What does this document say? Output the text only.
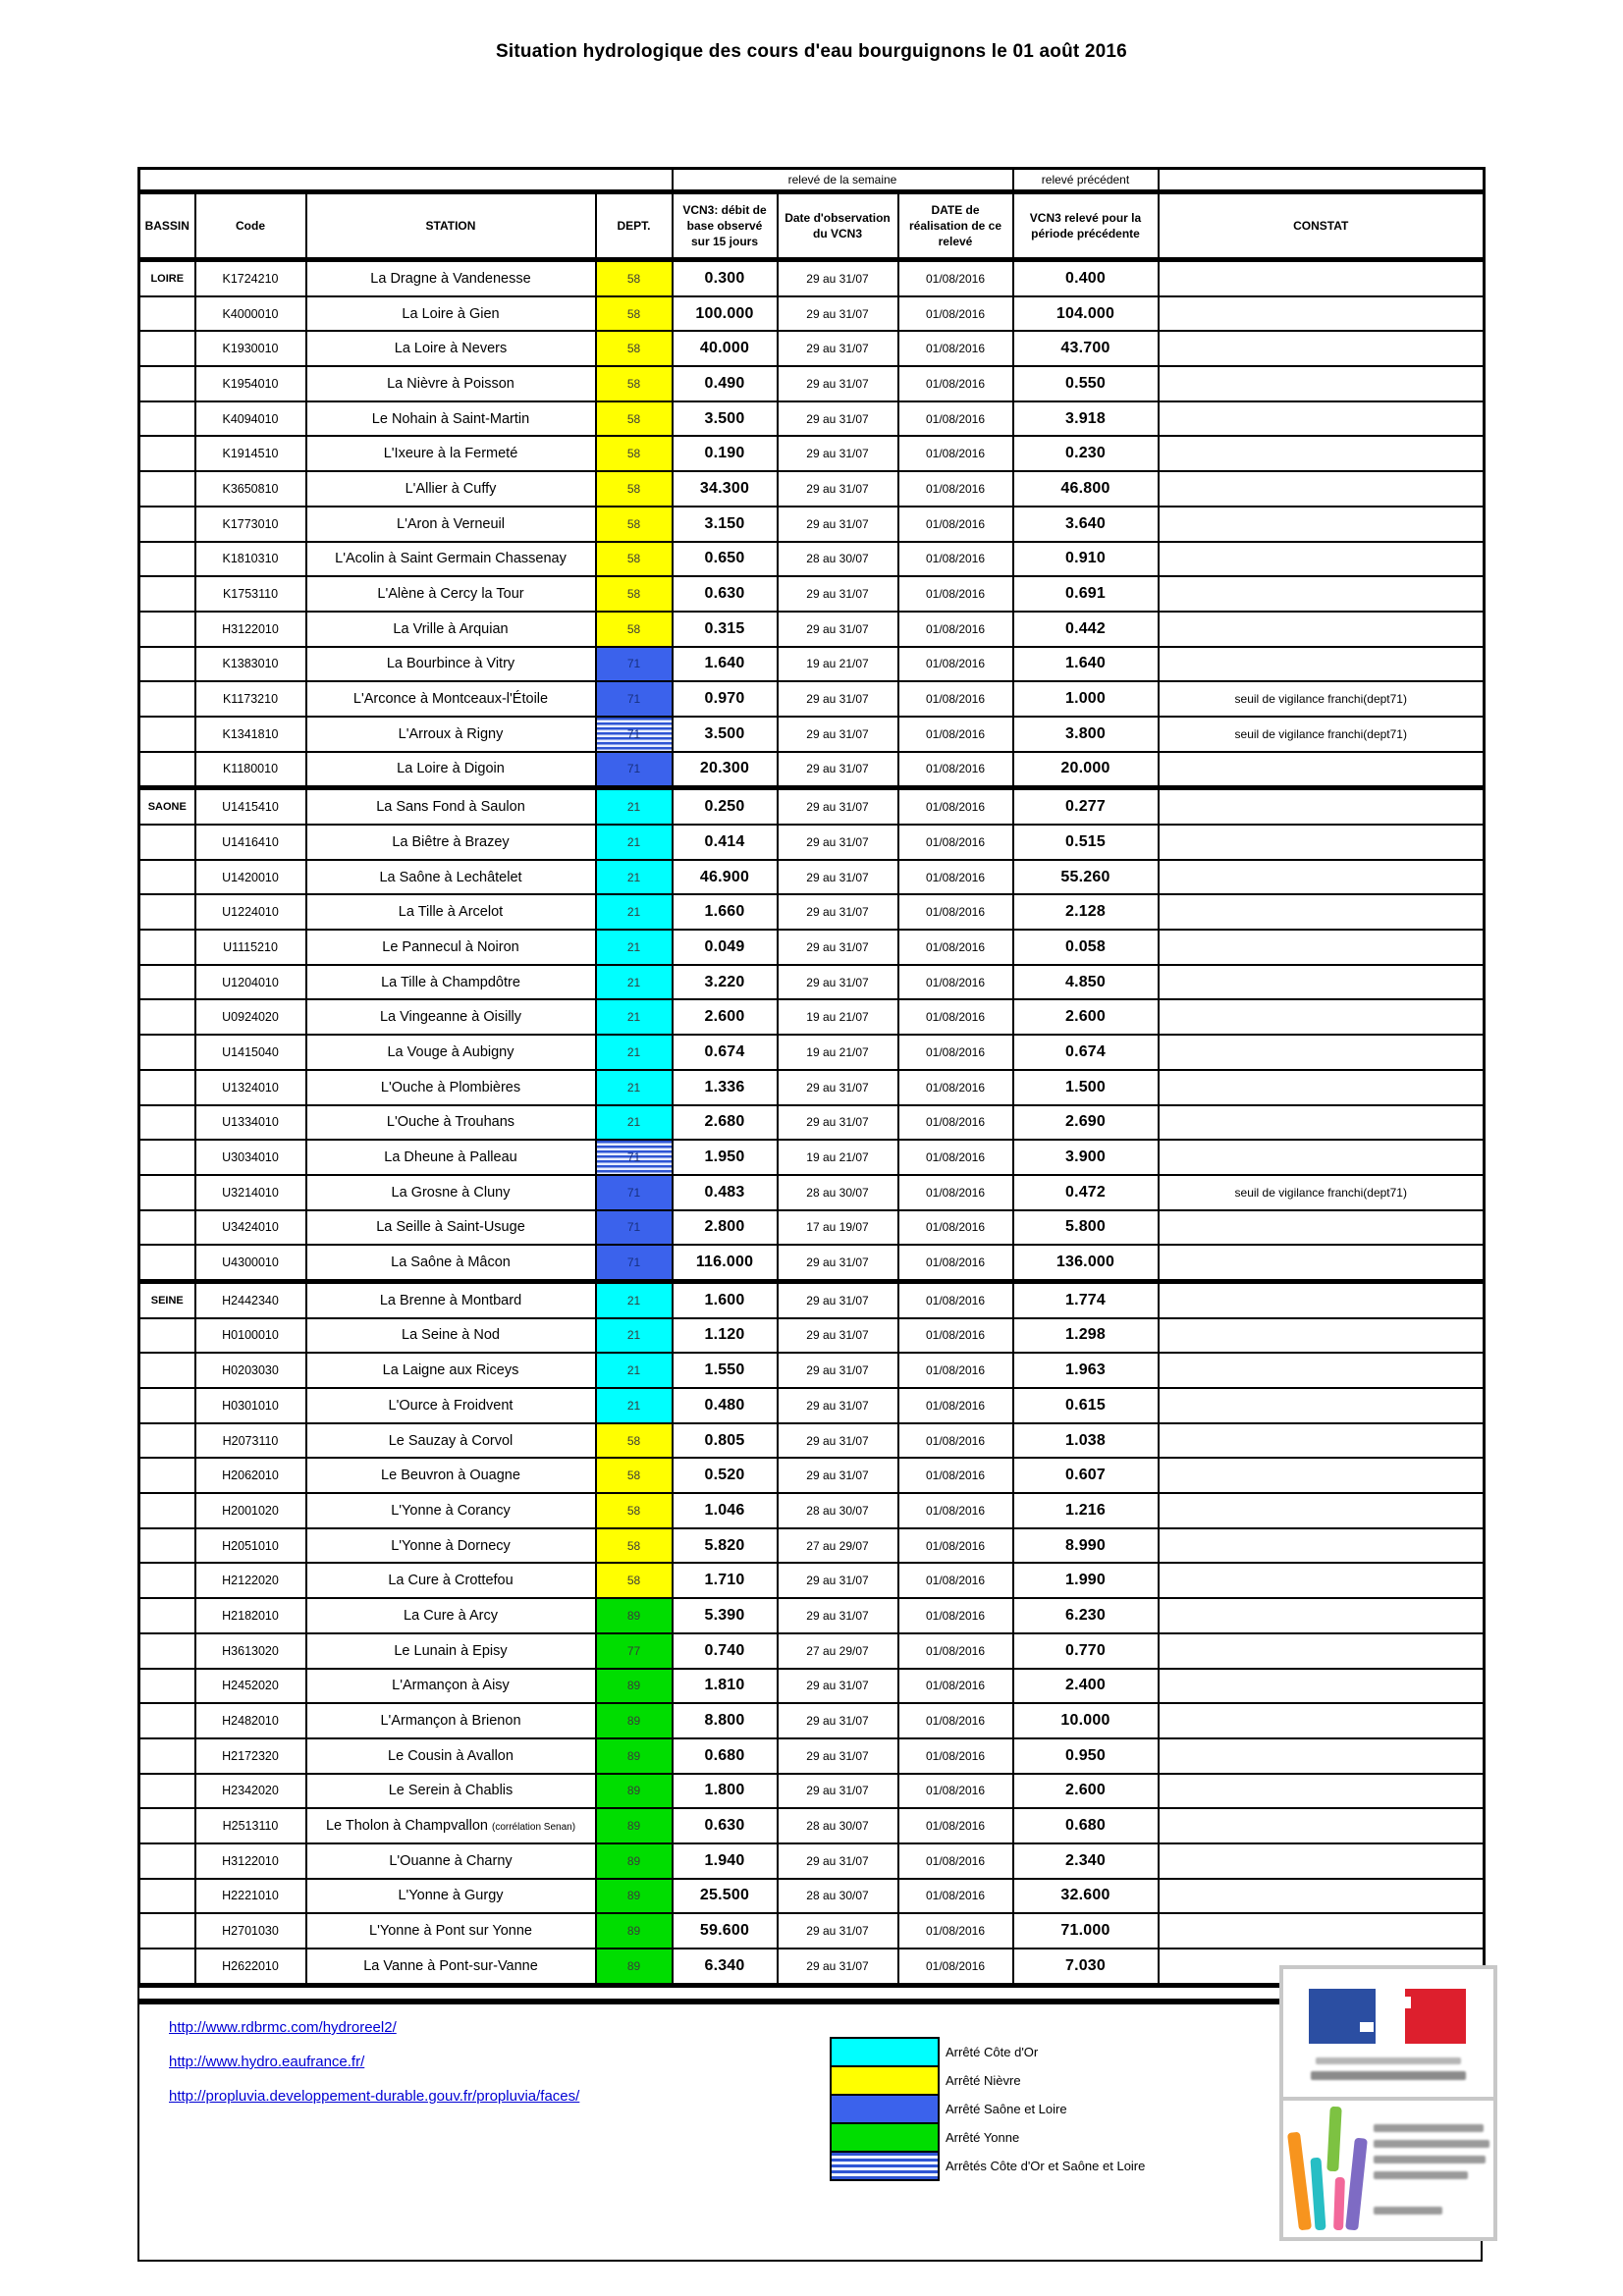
Situation hydrologique des cours d'eau bourguignons le 01 août 2016
				relevé de la semaine			relevé précédent	
BASSIN	Code	STATION	DEPT.	VCN3: débit de base observé sur 15 jours	Date d'observation du VCN3	DATE de réalisation de ce relevé	VCN3 relevé pour la période précédente	CONSTAT
LOIRE	K1724210	La Dragne à Vandenesse	58	0.300	29 au 31/07	01/08/2016	0.400	
	K4000010	La Loire à Gien	58	100.000	29 au 31/07	01/08/2016	104.000	
	K1930010	La Loire à Nevers	58	40.000	29 au 31/07	01/08/2016	43.700	
	K1954010	La Nièvre à Poisson	58	0.490	29 au 31/07	01/08/2016	0.550	
	K4094010	Le Nohain à Saint-Martin	58	3.500	29 au 31/07	01/08/2016	3.918	
	K1914510	L'Ixeure à la Fermeté	58	0.190	29 au 31/07	01/08/2016	0.230	
	K3650810	L'Allier à Cuffy	58	34.300	29 au 31/07	01/08/2016	46.800	
	K1773010	L'Aron à Verneuil	58	3.150	29 au 31/07	01/08/2016	3.640	
	K1810310	L'Acolin à Saint Germain Chassenay	58	0.650	28 au 30/07	01/08/2016	0.910	
	K1753110	L'Alène à Cercy la Tour	58	0.630	29 au 31/07	01/08/2016	0.691	
	H3122010	La Vrille à Arquian	58	0.315	29 au 31/07	01/08/2016	0.442	
	K1383010	La Bourbince à Vitry	71	1.640	19 au 21/07	01/08/2016	1.640	
	K1173210	L'Arconce à Montceaux-l'Étoile	71	0.970	29 au 31/07	01/08/2016	1.000	seuil de vigilance franchi(dept71)
	K1341810	L'Arroux à Rigny	71	3.500	29 au 31/07	01/08/2016	3.800	seuil de vigilance franchi(dept71)
	K1180010	La Loire à Digoin	71	20.300	29 au 31/07	01/08/2016	20.000	
SAONE	U1415410	La Sans Fond à Saulon	21	0.250	29 au 31/07	01/08/2016	0.277	
	U1416410	La Biêtre à Brazey	21	0.414	29 au 31/07	01/08/2016	0.515	
	U1420010	La Saône à Lechâtelet	21	46.900	29 au 31/07	01/08/2016	55.260	
	U1224010	La Tille à Arcelot	21	1.660	29 au 31/07	01/08/2016	2.128	
	U1115210	Le Pannecul à Noiron	21	0.049	29 au 31/07	01/08/2016	0.058	
	U1204010	La Tille à Champdôtre	21	3.220	29 au 31/07	01/08/2016	4.850	
	U0924020	La Vingeanne à Oisilly	21	2.600	19 au 21/07	01/08/2016	2.600	
	U1415040	La Vouge à Aubigny	21	0.674	19 au 21/07	01/08/2016	0.674	
	U1324010	L'Ouche à Plombières	21	1.336	29 au 31/07	01/08/2016	1.500	
	U1334010	L'Ouche à Trouhans	21	2.680	29 au 31/07	01/08/2016	2.690	
	U3034010	La Dheune à Palleau	71	1.950	19 au 21/07	01/08/2016	3.900	
	U3214010	La Grosne à Cluny	71	0.483	28 au 30/07	01/08/2016	0.472	seuil de vigilance franchi(dept71)
	U3424010	La Seille à Saint-Usuge	71	2.800	17 au 19/07	01/08/2016	5.800	
	U4300010	La Saône à Mâcon	71	116.000	29 au 31/07	01/08/2016	136.000	
SEINE	H2442340	La Brenne à Montbard	21	1.600	29 au 31/07	01/08/2016	1.774	
	H0100010	La Seine à Nod	21	1.120	29 au 31/07	01/08/2016	1.298	
	H0203030	La Laigne aux Riceys	21	1.550	29 au 31/07	01/08/2016	1.963	
	H0301010	L'Ource à Froidvent	21	0.480	29 au 31/07	01/08/2016	0.615	
	H2073110	Le Sauzay à Corvol	58	0.805	29 au 31/07	01/08/2016	1.038	
	H2062010	Le Beuvron à Ouagne	58	0.520	29 au 31/07	01/08/2016	0.607	
	H2001020	L'Yonne à Corancy	58	1.046	28 au 30/07	01/08/2016	1.216	
	H2051010	L'Yonne à Dornecy	58	5.820	27 au 29/07	01/08/2016	8.990	
	H2122020	La Cure à Crottefou	58	1.710	29 au 31/07	01/08/2016	1.990	
	H2182010	La Cure à Arcy	89	5.390	29 au 31/07	01/08/2016	6.230	
	H3613020	Le Lunain à Episy	77	0.740	27 au 29/07	01/08/2016	0.770	
	H2452020	L'Armançon à Aisy	89	1.810	29 au 31/07	01/08/2016	2.400	
	H2482010	L'Armançon à Brienon	89	8.800	29 au 31/07	01/08/2016	10.000	
	H2172320	Le Cousin à Avallon	89	0.680	29 au 31/07	01/08/2016	0.950	
	H2342020	Le Serein à Chablis	89	1.800	29 au 31/07	01/08/2016	2.600	
	H2513110	Le Tholon à Champvallon (corrélation Senan)	89	0.630	28 au 30/07	01/08/2016	0.680	
	H3122010	L'Ouanne à Charny	89	1.940	29 au 31/07	01/08/2016	2.340	
	H2221010	L'Yonne à Gurgy	89	25.500	28 au 30/07	01/08/2016	32.600	
	H2701030	L'Yonne à Pont sur Yonne	89	59.600	29 au 31/07	01/08/2016	71.000	
	H2622010	La Vanne à Pont-sur-Vanne	89	6.340	29 au 31/07	01/08/2016	7.030	
http://www.rdbrmc.com/hydroreel2/
http://www.hydro.eaufrance.fr/
http://propluvia.developpement-durable.gouv.fr/propluvia/faces/
Arrêté Côte d'Or
Arrêté Nièvre
Arrêté Saône et Loire
Arrêté Yonne
Arrêtés Côte d'Or et Saône et Loire
